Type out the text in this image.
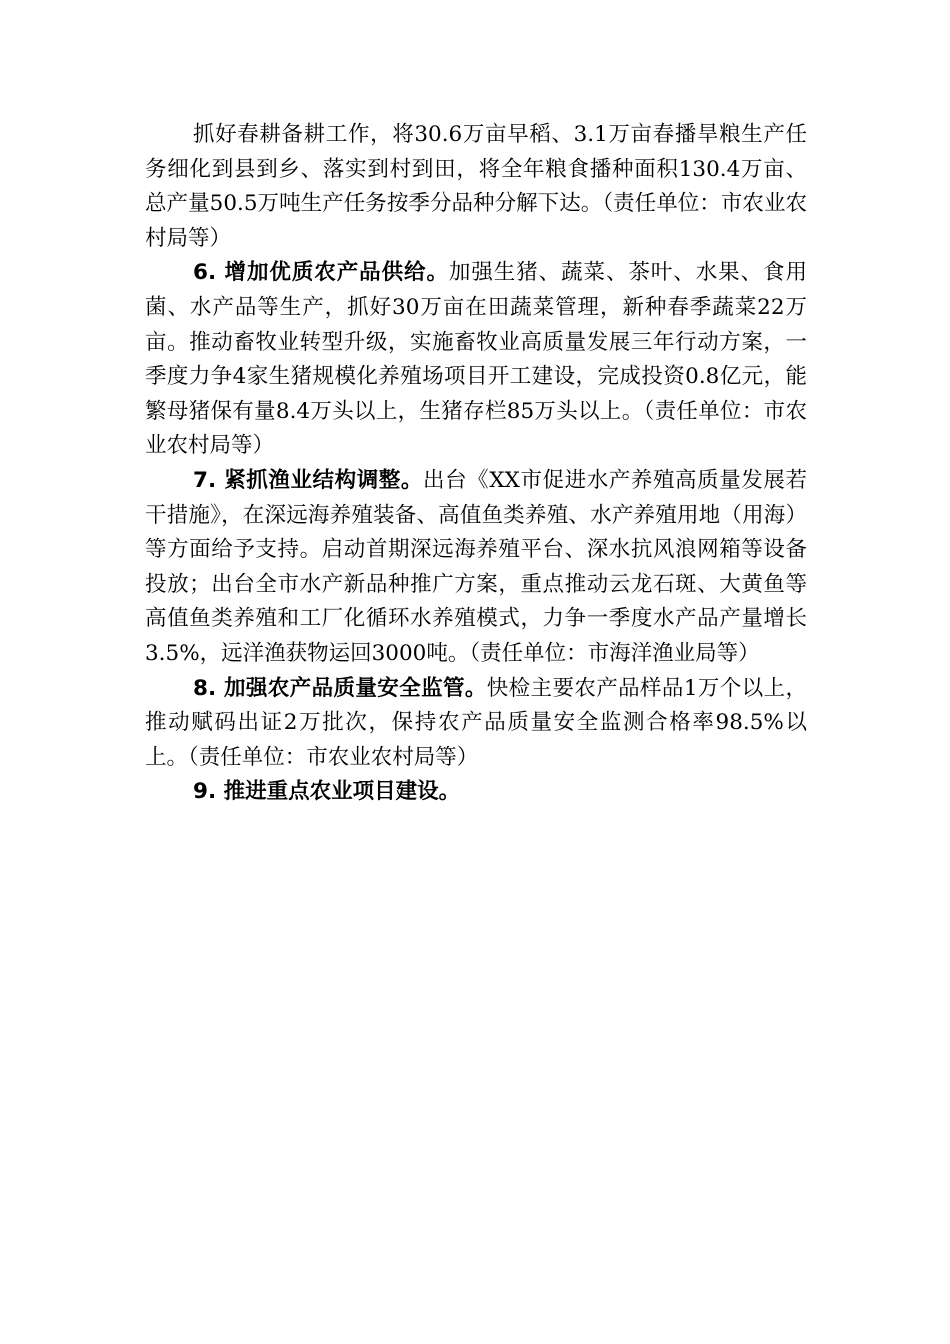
抓好春耕备耕工作，将30.6万亩早稻、3.1万亩春播旱粮生产任务细化到县到乡、落实到村到田，将全年粮食播种面积130.4万亩、总产量50.5万吨生产任务按季分品种分解下达。（责任单位：市农业农村局等）

6. 增加优质农产品供给。加强生猪、蔬菜、茶叶、水果、食用菌、水产品等生产，抓好30万亩在田蔬菜管理，新种春季蔬菜22万亩。推动畜牧业转型升级，实施畜牧业高质量发展三年行动方案，一季度力争4家生猪规模化养殖场项目开工建设，完成投资0.8亿元，能繁母猪保有量8.4万头以上，生猪存栏85万头以上。（责任单位：市农业农村局等）

7. 紧抓渔业结构调整。出台《XX市促进水产养殖高质量发展若干措施》，在深远海养殖装备、高值鱼类养殖、水产养殖用地（用海）等方面给予支持。启动首期深远海养殖平台、深水抗风浪网箱等设备投放；出台全市水产新品种推广方案，重点推动云龙石斑、大黄鱼等高值鱼类养殖和工厂化循环水养殖模式，力争一季度水产品产量增长3.5%，远洋渔获物运回3000吨。（责任单位：市海洋渔业局等）

8. 加强农产品质量安全监管。快检主要农产品样品1万个以上，推动赋码出证2万批次，保持农产品质量安全监测合格率98.5%以上。（责任单位：市农业农村局等）

9. 推进重点农业项目建设。
